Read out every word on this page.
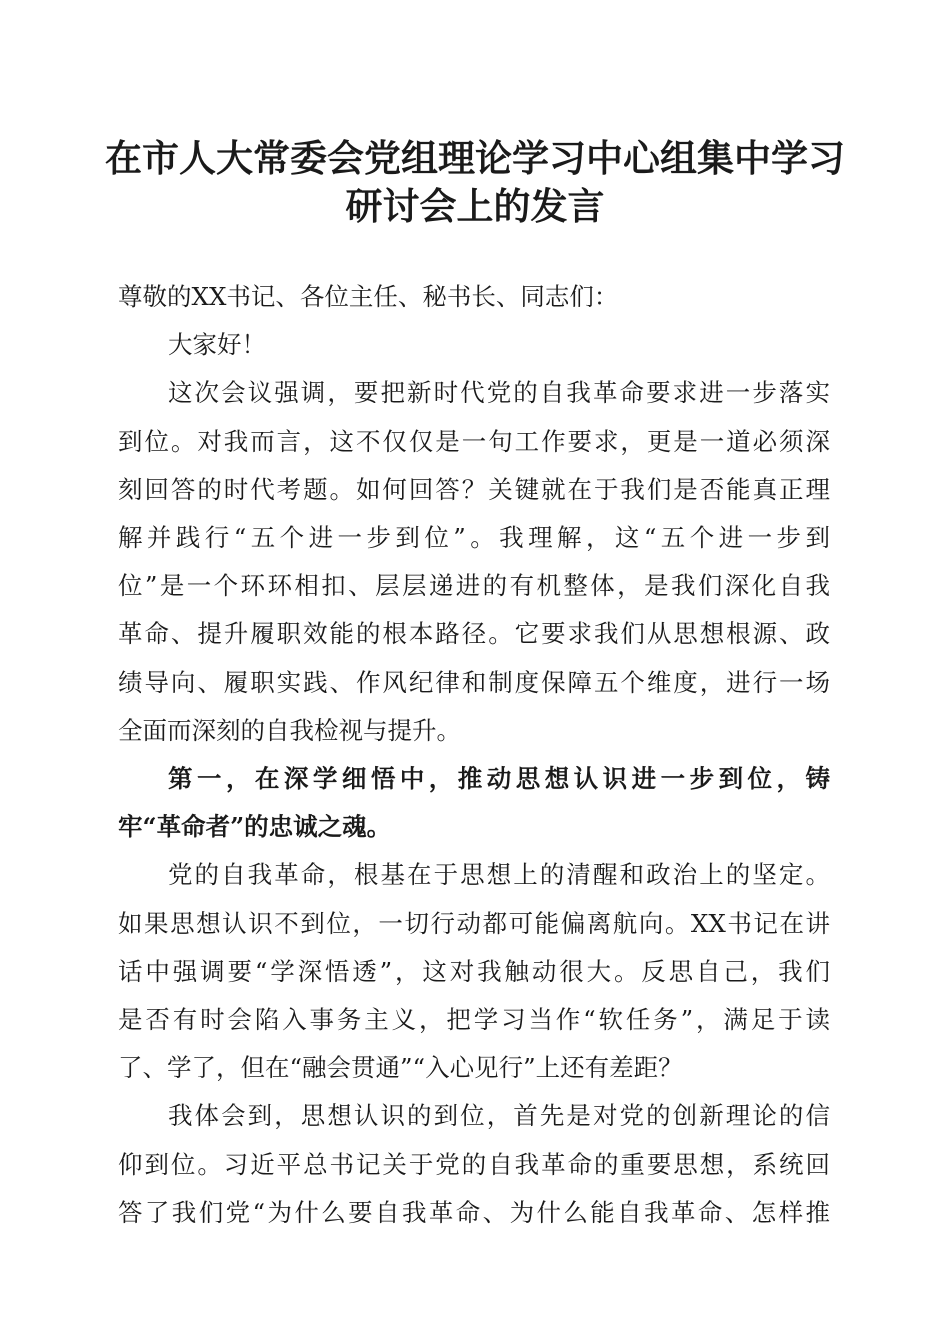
在市人大常委会党组理论学习中心组集中学习
研讨会上的发言

尊敬的XX书记、各位主任、秘书长、同志们：

大家好！

这次会议强调，要把新时代党的自我革命要求进一步落实

到位。对我而言，这不仅仅是一句工作要求，更是一道必须深

刻回答的时代考题。如何回答？关键就在于我们是否能真正理

解并践行“五个进一步到位”。我理解，这“五个进一步到

位”是一个环环相扣、层层递进的有机整体，是我们深化自我

革命、提升履职效能的根本路径。它要求我们从思想根源、政

绩导向、履职实践、作风纪律和制度保障五个维度，进行一场

全面而深刻的自我检视与提升。

第一，在深学细悟中，推动思想认识进一步到位，铸

牢“革命者”的忠诚之魂。

党的自我革命，根基在于思想上的清醒和政治上的坚定。

如果思想认识不到位，一切行动都可能偏离航向。XX书记在讲

话中强调要“学深悟透”，这对我触动很大。反思自己，我们

是否有时会陷入事务主义，把学习当作“软任务”，满足于读

了、学了，但在“融会贯通”“入心见行”上还有差距？

我体会到，思想认识的到位，首先是对党的创新理论的信

仰到位。习近平总书记关于党的自我革命的重要思想，系统回

答了我们党“为什么要自我革命、为什么能自我革命、怎样推
